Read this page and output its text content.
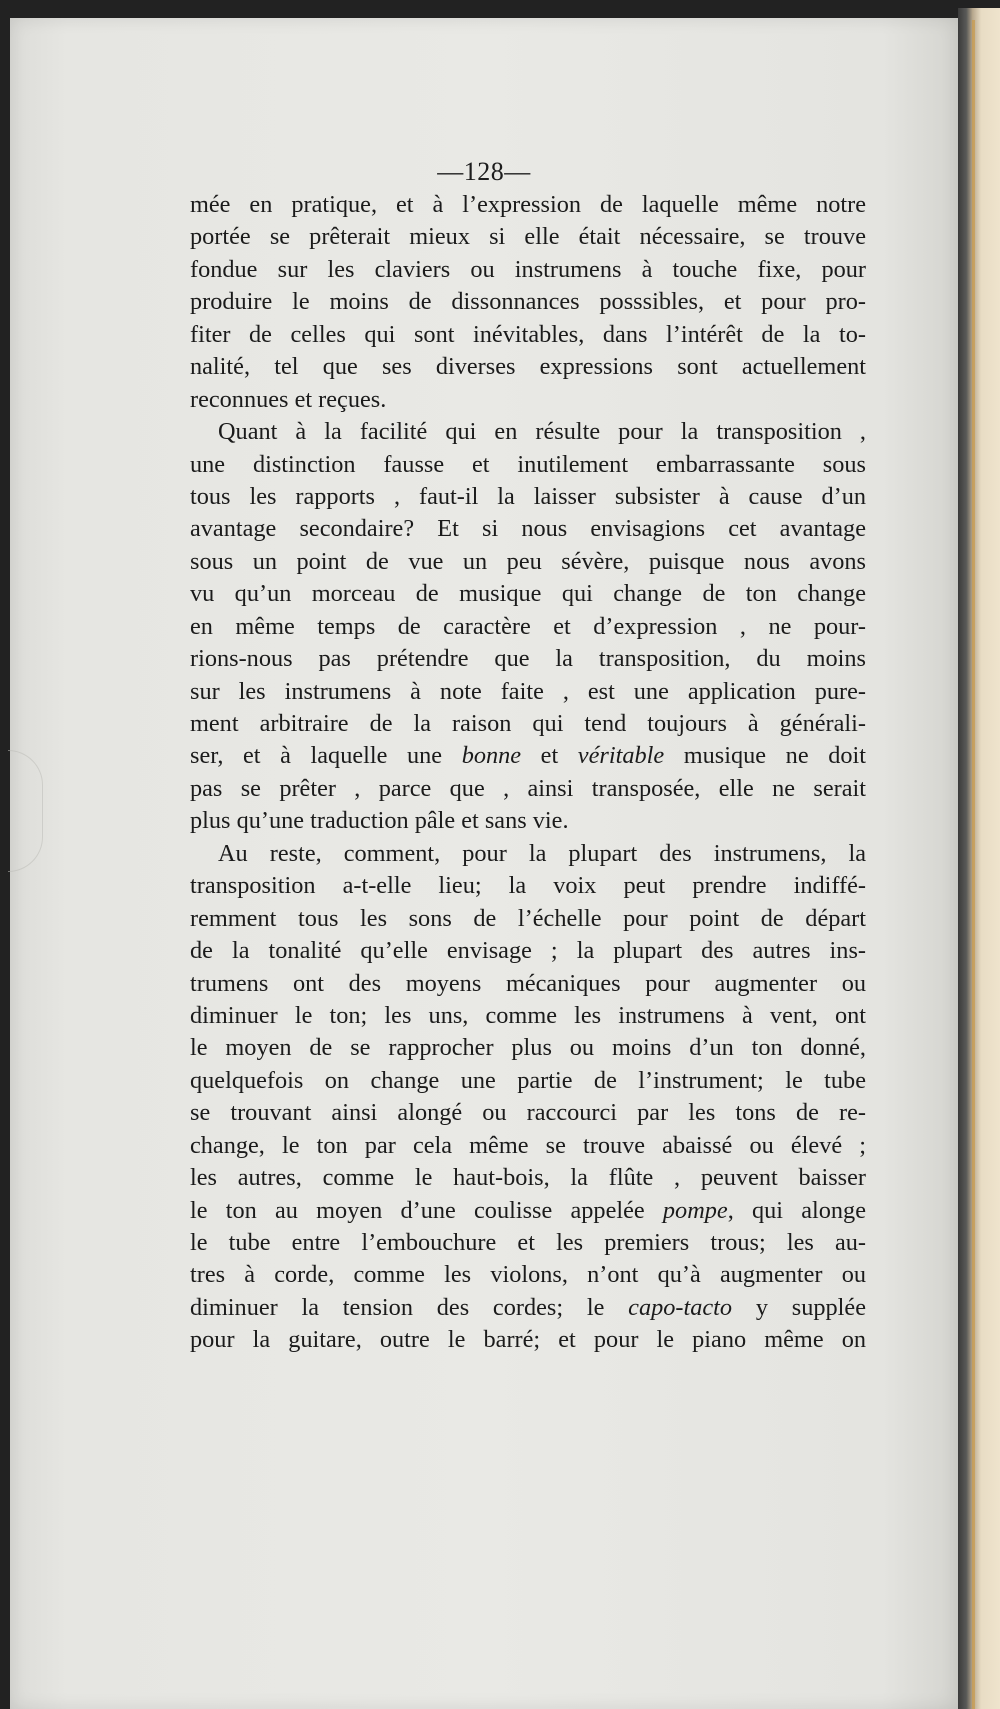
—128—
mée en pratique, et à l’expression de laquelle même notre
portée se prêterait mieux si elle était nécessaire, se trouve
fondue sur les claviers ou instrumens à touche fixe, pour
produire le moins de dissonnances posssibles, et pour pro-
fiter de celles qui sont inévitables, dans l’intérêt de la to-
nalité, tel que ses diverses expressions sont actuellement
reconnues et reçues.
Quant à la facilité qui en résulte pour la transposition ,
une distinction fausse et inutilement embarrassante sous
tous les rapports , faut-il la laisser subsister à cause d’un
avantage secondaire? Et si nous envisagions cet avantage
sous un point de vue un peu sévère, puisque nous avons
vu qu’un morceau de musique qui change de ton change
en même temps de caractère et d’expression , ne pour-
rions-nous pas prétendre que la transposition, du moins
sur les instrumens à note faite , est une application pure-
ment arbitraire de la raison qui tend toujours à générali-
ser, et à laquelle une bonne et véritable musique ne doit
pas se prêter , parce que , ainsi transposée, elle ne serait
plus qu’une traduction pâle et sans vie.
Au reste, comment, pour la plupart des instrumens, la
transposition a-t-elle lieu; la voix peut prendre indiffé-
remment tous les sons de l’échelle pour point de départ
de la tonalité qu’elle envisage ; la plupart des autres ins-
trumens ont des moyens mécaniques pour augmenter ou
diminuer le ton; les uns, comme les instrumens à vent, ont
le moyen de se rapprocher plus ou moins d’un ton donné,
quelquefois on change une partie de l’instrument; le tube
se trouvant ainsi alongé ou raccourci par les tons de re-
change, le ton par cela même se trouve abaissé ou élevé ;
les autres, comme le haut-bois, la flûte , peuvent baisser
le ton au moyen d’une coulisse appelée pompe, qui alonge
le tube entre l’embouchure et les premiers trous; les au-
tres à corde, comme les violons, n’ont qu’à augmenter ou
diminuer la tension des cordes; le capo-tacto y supplée
pour la guitare, outre le barré; et pour le piano même on
